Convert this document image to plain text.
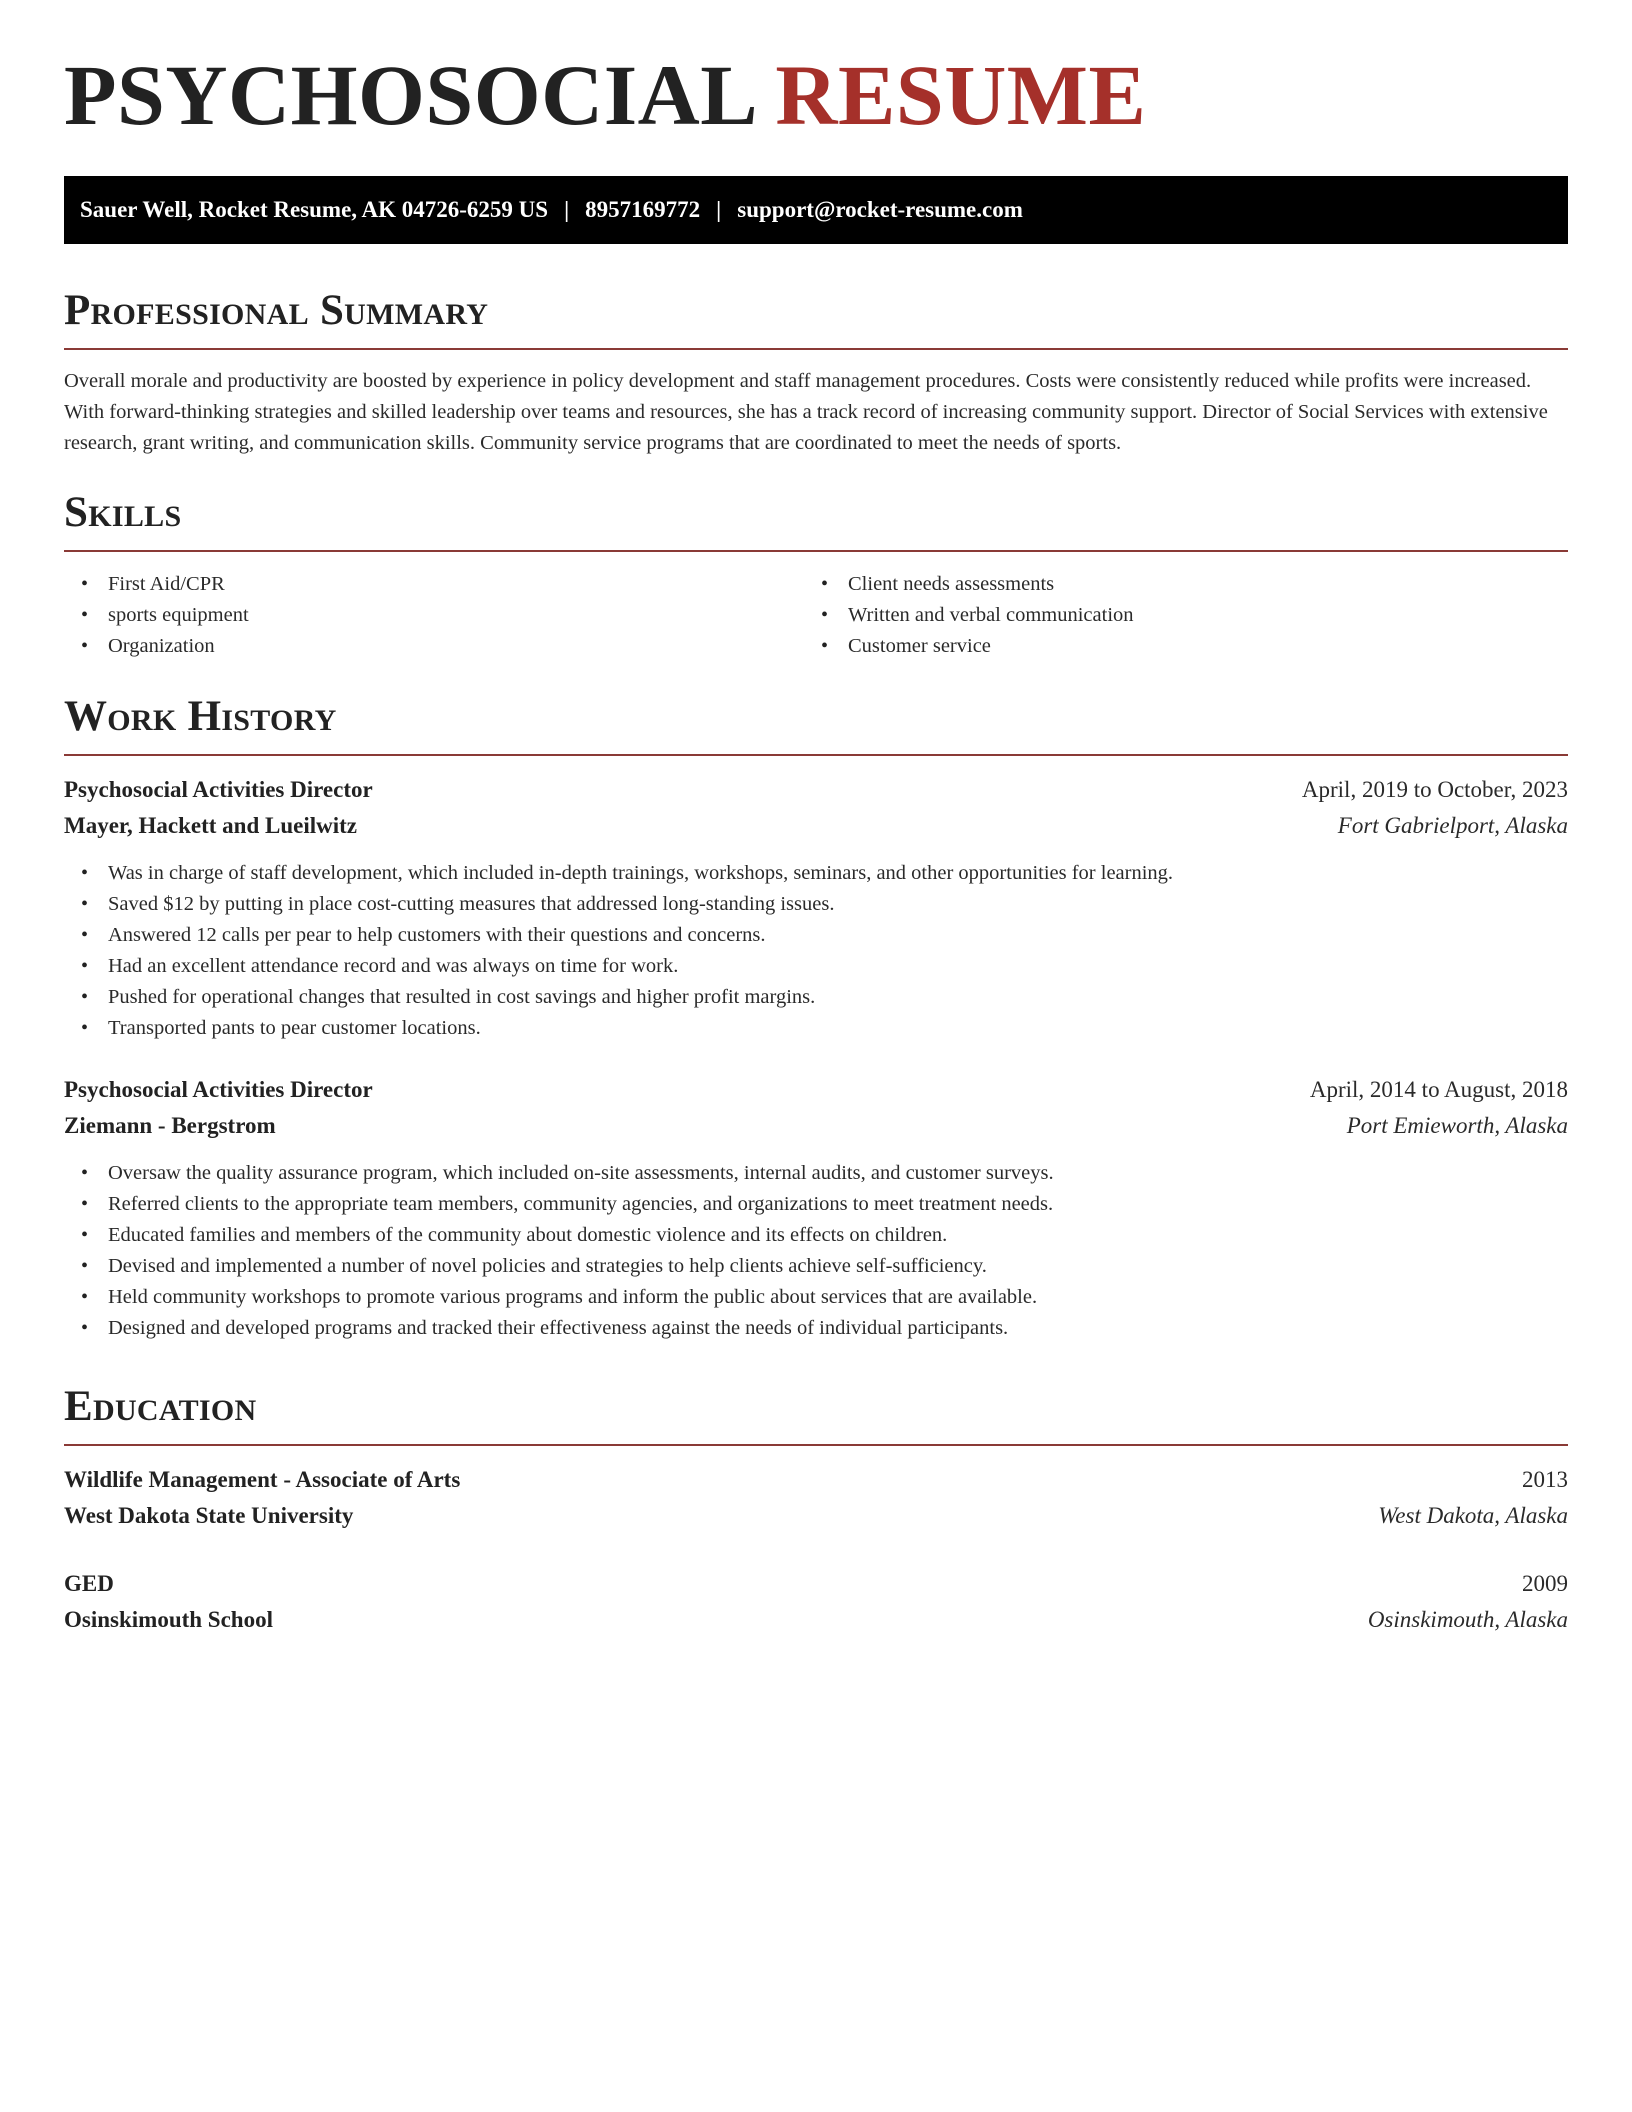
PSYCHOSOCIAL RESUME
Sauer Well, Rocket Resume, AK 04726-6259 US | 8957169772 | support@rocket-resume.com
Professional Summary

Overall morale and productivity are boosted by experience in policy development and staff management procedures. Costs were consistently reduced while profits were increased. With forward-thinking strategies and skilled leadership over teams and resources, she has a track record of increasing community support. Director of Social Services with extensive research, grant writing, and communication skills. Community service programs that are coordinated to meet the needs of sports.

Skills
• First Aid/CPR
• sports equipment
• Organization
• Client needs assessments
• Written and verbal communication
• Customer service
Work History
Psychosocial Activities Director	April, 2019 to October, 2023
Mayer, Hackett and Lueilwitz	Fort Gabrielport, Alaska
• Was in charge of staff development, which included in-depth trainings, workshops, seminars, and other opportunities for learning.
• Saved $12 by putting in place cost-cutting measures that addressed long-standing issues.
• Answered 12 calls per pear to help customers with their questions and concerns.
• Had an excellent attendance record and was always on time for work.
• Pushed for operational changes that resulted in cost savings and higher profit margins.
• Transported pants to pear customer locations.
Psychosocial Activities Director	April, 2014 to August, 2018
Ziemann - Bergstrom	Port Emieworth, Alaska
• Oversaw the quality assurance program, which included on-site assessments, internal audits, and customer surveys.
• Referred clients to the appropriate team members, community agencies, and organizations to meet treatment needs.
• Educated families and members of the community about domestic violence and its effects on children.
• Devised and implemented a number of novel policies and strategies to help clients achieve self-sufficiency.
• Held community workshops to promote various programs and inform the public about services that are available.
• Designed and developed programs and tracked their effectiveness against the needs of individual participants.
Education
Wildlife Management - Associate of Arts	2013
West Dakota State University	West Dakota, Alaska
GED	2009
Osinskimouth School	Osinskimouth, Alaska
